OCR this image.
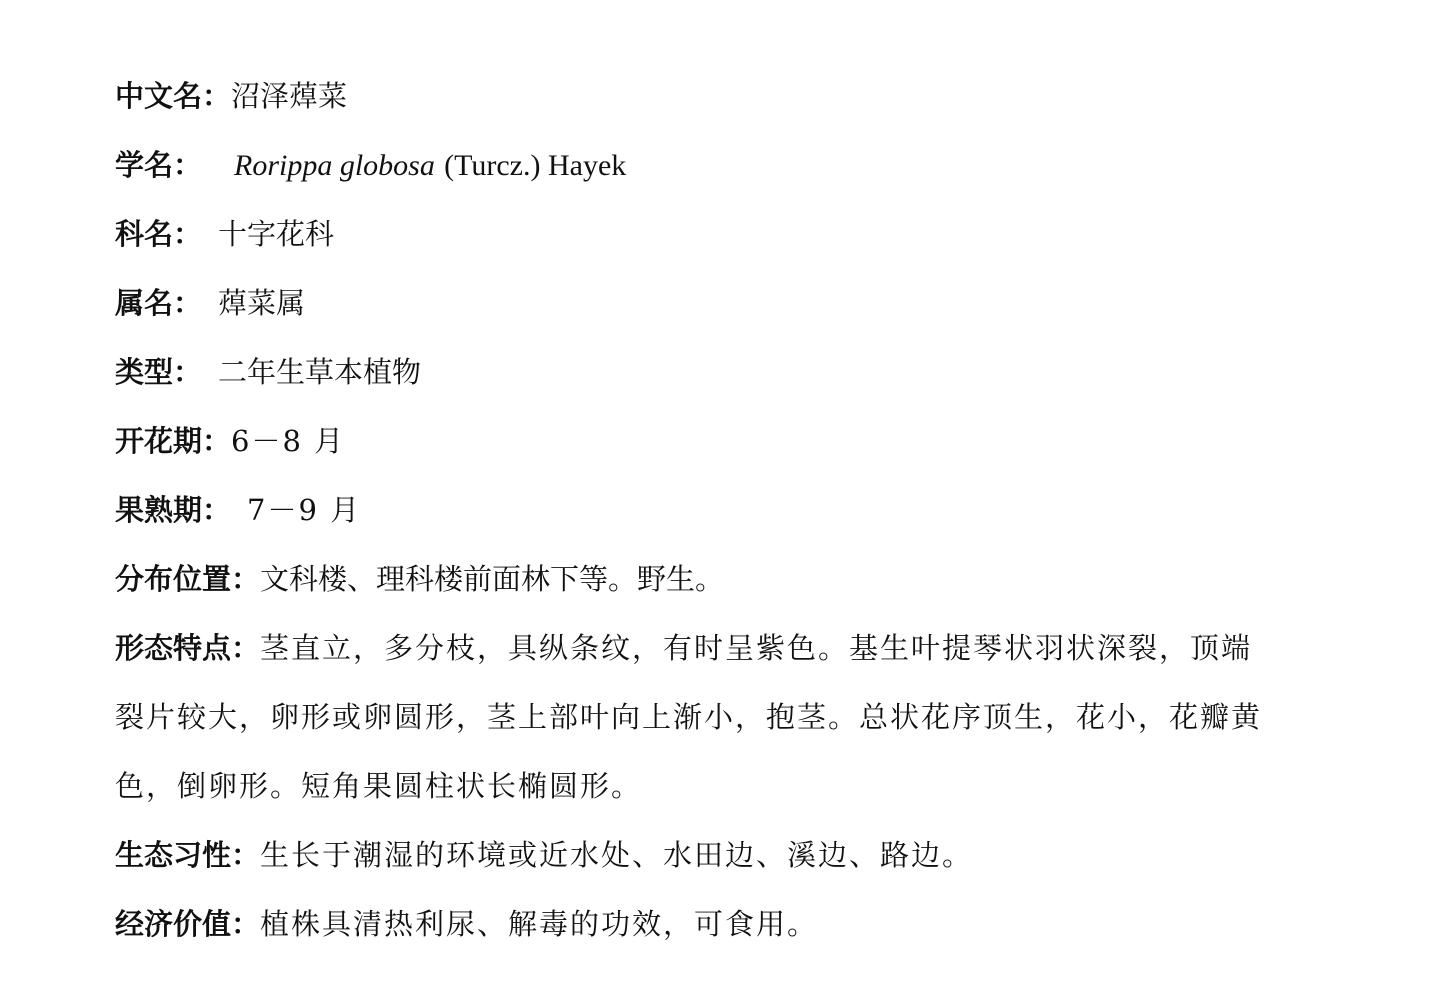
中文名：沼泽蔊菜
学名： Rorippa globosa (Turcz.) Hayek
科名： 十字花科
属名： 蔊菜属
类型： 二年生草本植物
开花期：6－8 月
果熟期： 7－9 月
分布位置：文科楼、理科楼前面林下等。野生。
形态特点：茎直立，多分枝，具纵条纹，有时呈紫色。基生叶提琴状羽状深裂，顶端
裂片较大，卵形或卵圆形，茎上部叶向上渐小，抱茎。总状花序顶生，花小，花瓣黄
色，倒卵形。短角果圆柱状长椭圆形。
生态习性：生长于潮湿的环境或近水处、水田边、溪边、路边。
经济价值：植株具清热利尿、解毒的功效，可食用。
